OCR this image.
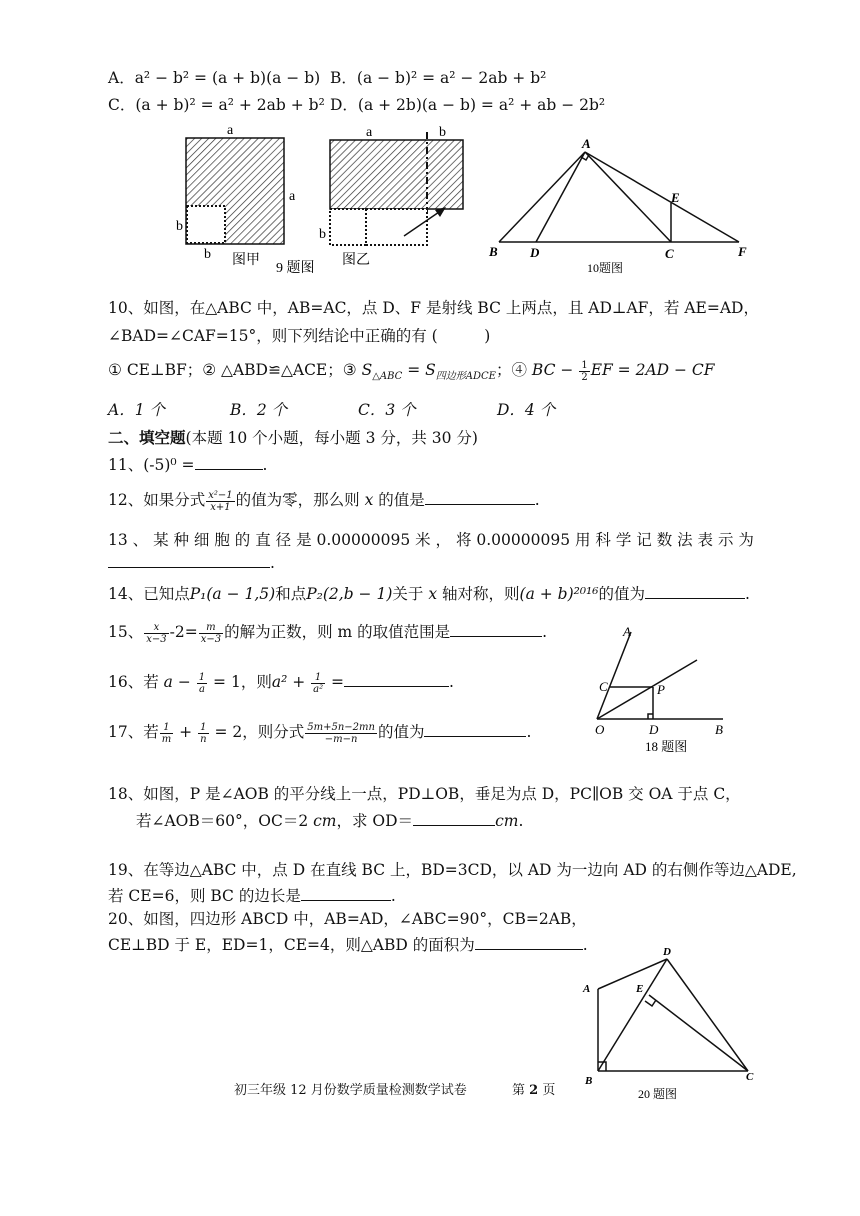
A．a² − b² = (a + b)(a − b) B．(a − b)² = a² − 2ab + b²
C．(a + b)² = a² + 2ab + b² D．(a + 2b)(a − b) = a² + ab − 2b²
a
a
b
b 图甲
9 题图
a	b
b
图乙
A
B D	C
E
F
10题图
10、如图，在△ABC 中，AB=AC，点 D、F 是射线 BC 上两点，且 AD⊥AF，若 AE=AD，
∠BAD=∠CAF=15°，则下列结论中正确的有 (　　　)
① CE⊥BF；② △ABD≌△ACE；③ $S_{\triangle ABC} = S_{四边形ADCE}$；④ BC − $\frac{1}{2}$ EF = 2AD − CF
A．1 个	B．2 个	C．3 个	D．4 个
二、填空题(本题 10 个小题，每小题 3 分，共 30 分)
11、(-5)⁰ =	.
12、如果分式 $\frac{\text{x²−1}}{x+1}$ 的值为零，那么则 x 的值是	.
13 、 某 种 细 胞 的 直 径 是 0.00000095 米 ， 将 0.00000095 用 科 学 记 数 法 表 示 为
.
14、已知点P₁(a − 1,5)和点P₂(2,b − 1)关于 x 轴对称，则(a + b)²⁰¹⁶的值为	.
15、 $\frac{x}{x-3} -2= \frac{m}{x-3}$ 的解为正数，则 m 的取值范围是	.
16、若 $a - \frac{1}{a} = 1$，则$a^2 + \frac{1}{\text{a²}}$ =	.
17、若 $\frac{1}{m} + \frac{1}{n} = 2$，则分式 $\frac{5m+5n-2mn}{-m-n}$ 的值为	.
A
C	P
O	D	B
18 题图
18、如图，P 是∠AOB 的平分线上一点，PD⊥OB，垂足为点 D，PC∥OB 交 OA 于点 C，
若∠AOB＝60°，OC＝2 cm，求 OD＝	cm.
19、在等边△ABC 中，点 D 在直线 BC 上，BD=3CD，以 AD 为一边向 AD 的右侧作等边△ADE,
若 CE=6，则 BC 的边长是	.
20、如图，四边形 ABCD 中，AB=AD，∠ABC=90°，CB=2AB，
CE⊥BD 于 E，ED=1，CE=4，则△ABD 的面积为	.
A
D
E
B	C
20 题图
初三年级 12 月份数学质量检测数学试卷	第 2 页
